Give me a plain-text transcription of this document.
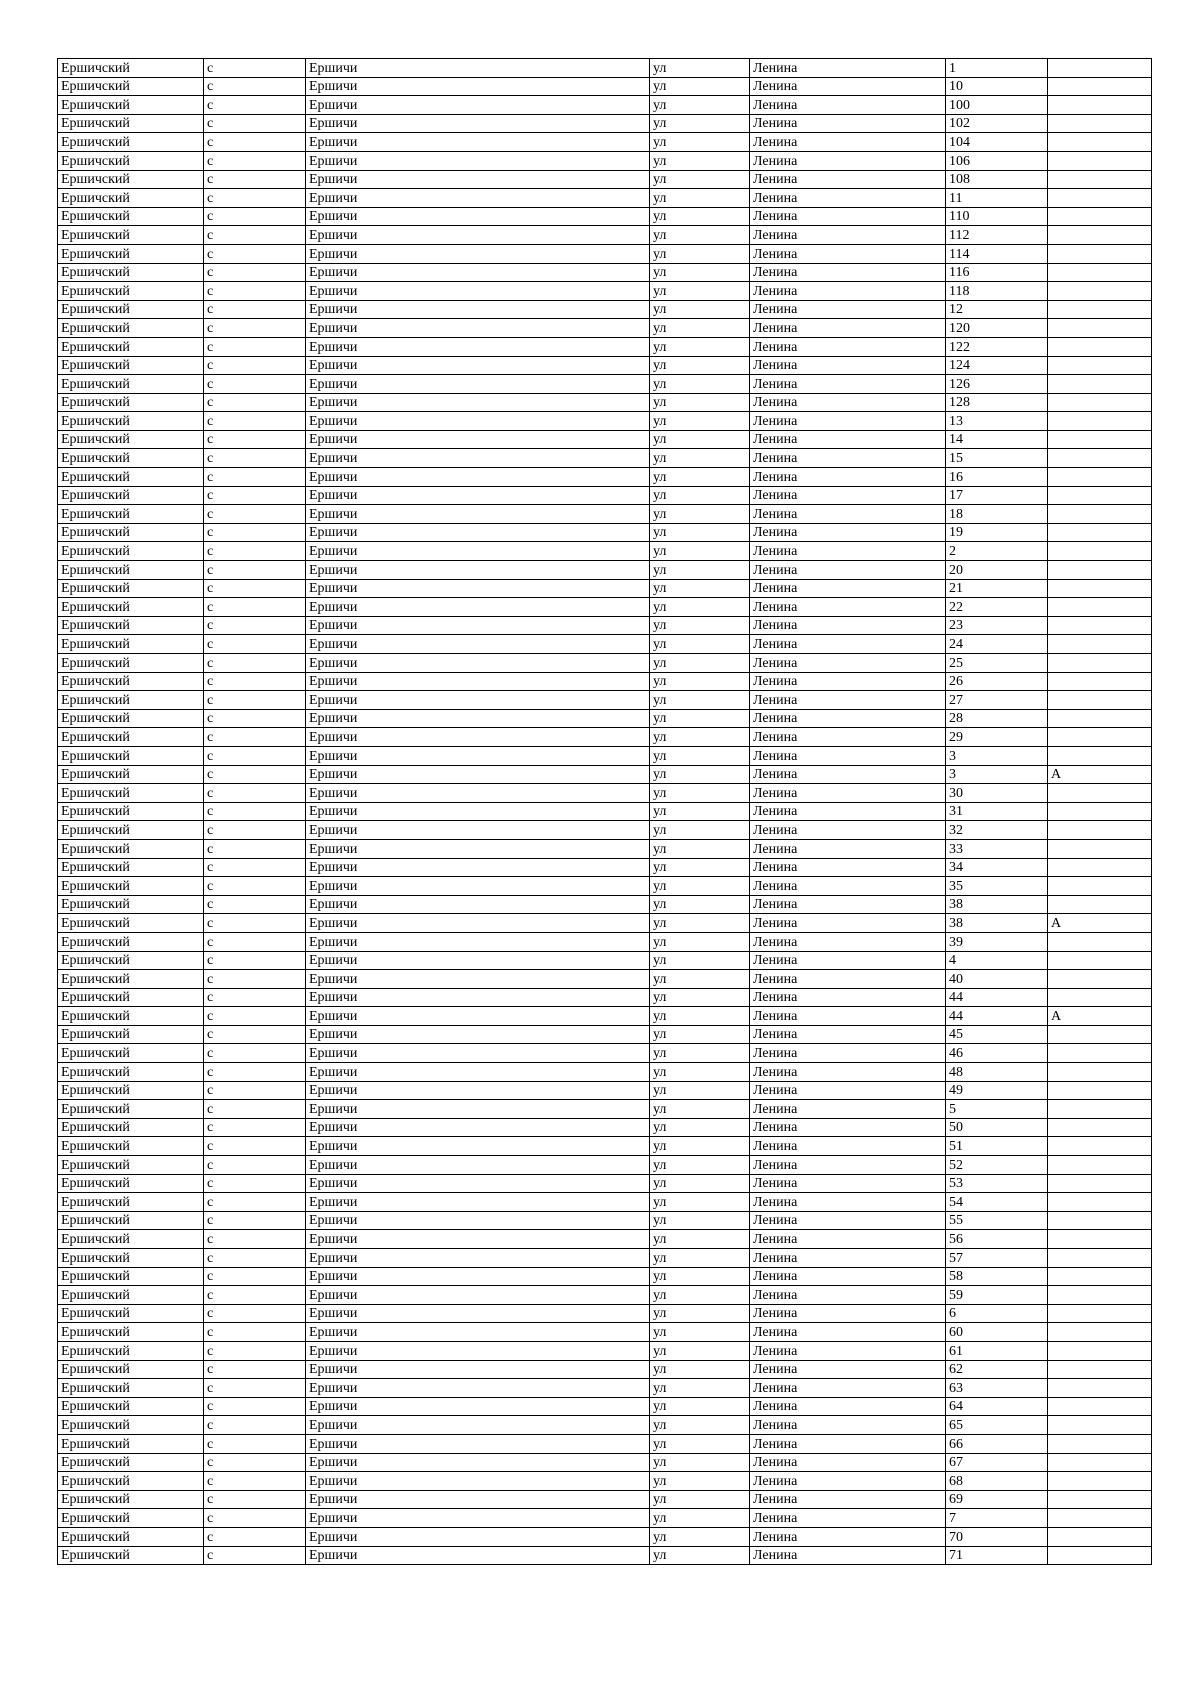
Ершичский	с	Ершичи	ул	Ленина	1	
Ершичский	с	Ершичи	ул	Ленина	10	
Ершичский	с	Ершичи	ул	Ленина	100	
Ершичский	с	Ершичи	ул	Ленина	102	
Ершичский	с	Ершичи	ул	Ленина	104	
Ершичский	с	Ершичи	ул	Ленина	106	
Ершичский	с	Ершичи	ул	Ленина	108	
Ершичский	с	Ершичи	ул	Ленина	11	
Ершичский	с	Ершичи	ул	Ленина	110	
Ершичский	с	Ершичи	ул	Ленина	112	
Ершичский	с	Ершичи	ул	Ленина	114	
Ершичский	с	Ершичи	ул	Ленина	116	
Ершичский	с	Ершичи	ул	Ленина	118	
Ершичский	с	Ершичи	ул	Ленина	12	
Ершичский	с	Ершичи	ул	Ленина	120	
Ершичский	с	Ершичи	ул	Ленина	122	
Ершичский	с	Ершичи	ул	Ленина	124	
Ершичский	с	Ершичи	ул	Ленина	126	
Ершичский	с	Ершичи	ул	Ленина	128	
Ершичский	с	Ершичи	ул	Ленина	13	
Ершичский	с	Ершичи	ул	Ленина	14	
Ершичский	с	Ершичи	ул	Ленина	15	
Ершичский	с	Ершичи	ул	Ленина	16	
Ершичский	с	Ершичи	ул	Ленина	17	
Ершичский	с	Ершичи	ул	Ленина	18	
Ершичский	с	Ершичи	ул	Ленина	19	
Ершичский	с	Ершичи	ул	Ленина	2	
Ершичский	с	Ершичи	ул	Ленина	20	
Ершичский	с	Ершичи	ул	Ленина	21	
Ершичский	с	Ершичи	ул	Ленина	22	
Ершичский	с	Ершичи	ул	Ленина	23	
Ершичский	с	Ершичи	ул	Ленина	24	
Ершичский	с	Ершичи	ул	Ленина	25	
Ершичский	с	Ершичи	ул	Ленина	26	
Ершичский	с	Ершичи	ул	Ленина	27	
Ершичский	с	Ершичи	ул	Ленина	28	
Ершичский	с	Ершичи	ул	Ленина	29	
Ершичский	с	Ершичи	ул	Ленина	3	
Ершичский	с	Ершичи	ул	Ленина	3	А
Ершичский	с	Ершичи	ул	Ленина	30	
Ершичский	с	Ершичи	ул	Ленина	31	
Ершичский	с	Ершичи	ул	Ленина	32	
Ершичский	с	Ершичи	ул	Ленина	33	
Ершичский	с	Ершичи	ул	Ленина	34	
Ершичский	с	Ершичи	ул	Ленина	35	
Ершичский	с	Ершичи	ул	Ленина	38	
Ершичский	с	Ершичи	ул	Ленина	38	А
Ершичский	с	Ершичи	ул	Ленина	39	
Ершичский	с	Ершичи	ул	Ленина	4	
Ершичский	с	Ершичи	ул	Ленина	40	
Ершичский	с	Ершичи	ул	Ленина	44	
Ершичский	с	Ершичи	ул	Ленина	44	А
Ершичский	с	Ершичи	ул	Ленина	45	
Ершичский	с	Ершичи	ул	Ленина	46	
Ершичский	с	Ершичи	ул	Ленина	48	
Ершичский	с	Ершичи	ул	Ленина	49	
Ершичский	с	Ершичи	ул	Ленина	5	
Ершичский	с	Ершичи	ул	Ленина	50	
Ершичский	с	Ершичи	ул	Ленина	51	
Ершичский	с	Ершичи	ул	Ленина	52	
Ершичский	с	Ершичи	ул	Ленина	53	
Ершичский	с	Ершичи	ул	Ленина	54	
Ершичский	с	Ершичи	ул	Ленина	55	
Ершичский	с	Ершичи	ул	Ленина	56	
Ершичский	с	Ершичи	ул	Ленина	57	
Ершичский	с	Ершичи	ул	Ленина	58	
Ершичский	с	Ершичи	ул	Ленина	59	
Ершичский	с	Ершичи	ул	Ленина	6	
Ершичский	с	Ершичи	ул	Ленина	60	
Ершичский	с	Ершичи	ул	Ленина	61	
Ершичский	с	Ершичи	ул	Ленина	62	
Ершичский	с	Ершичи	ул	Ленина	63	
Ершичский	с	Ершичи	ул	Ленина	64	
Ершичский	с	Ершичи	ул	Ленина	65	
Ершичский	с	Ершичи	ул	Ленина	66	
Ершичский	с	Ершичи	ул	Ленина	67	
Ершичский	с	Ершичи	ул	Ленина	68	
Ершичский	с	Ершичи	ул	Ленина	69	
Ершичский	с	Ершичи	ул	Ленина	7	
Ершичский	с	Ершичи	ул	Ленина	70	
Ершичский	с	Ершичи	ул	Ленина	71	
